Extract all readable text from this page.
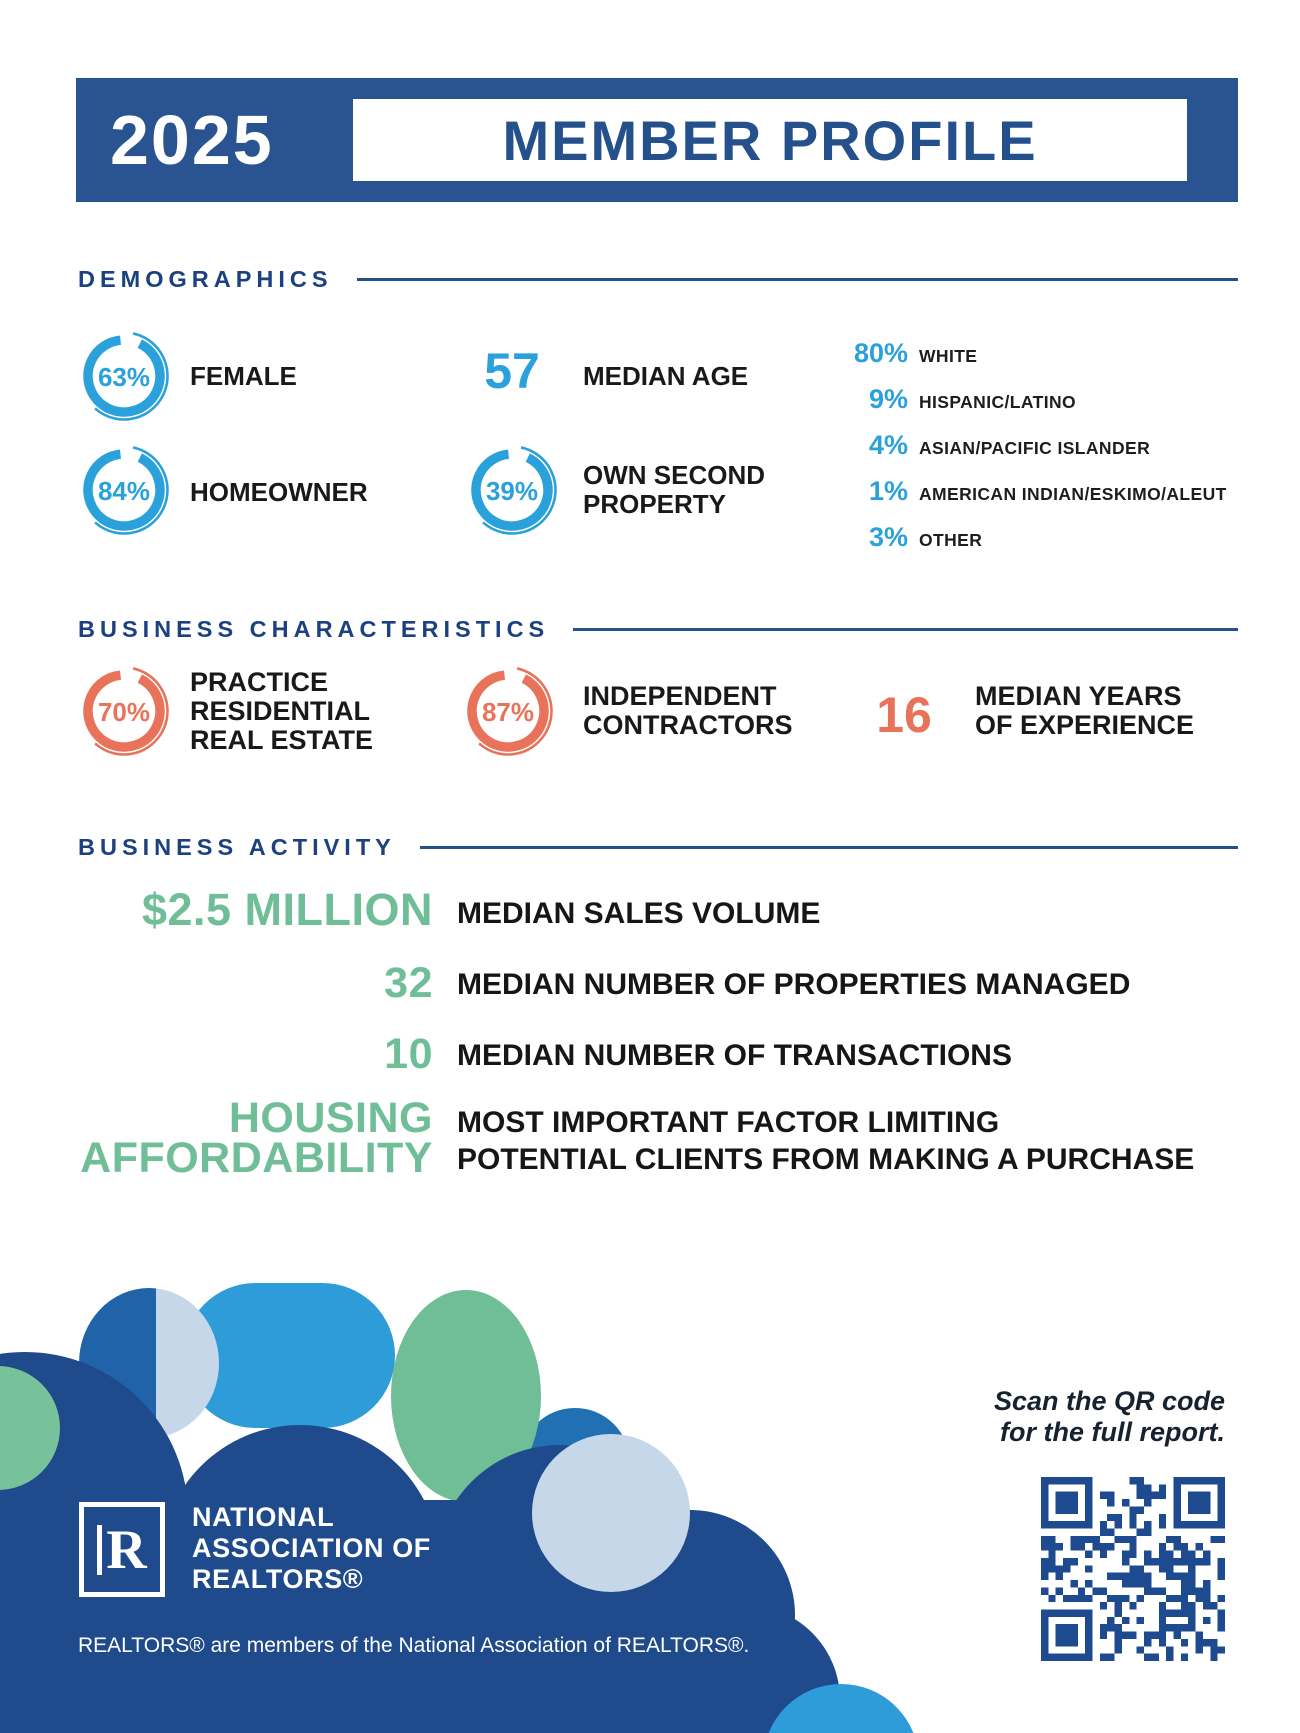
2025	MEMBER PROFILE
DEMOGRAPHICS
63% FEMALE	57	MEDIAN AGE
84% HOMEOWNER	39%
OWN SECOND PROPERTY
80% WHITE
9% HISPANIC/LATINO
4% ASIAN/PACIFIC ISLANDER
1% AMERICAN INDIAN/ESKIMO/ALEUT
3% OTHER
BUSINESS CHARACTERISTICS
70%
PRACTICE RESIDENTIAL REAL ESTATE
87%
INDEPENDENT CONTRACTORS	16	MEDIAN YEARS OF EXPERIENCE
BUSINESS ACTIVITY
$2.5 MILLION MEDIAN SALES VOLUME
32 MEDIAN NUMBER OF PROPERTIES MANAGED
10 MEDIAN NUMBER OF TRANSACTIONS
HOUSING
AFFORDABILITY
MOST IMPORTANT FACTOR LIMITING
POTENTIAL CLIENTS FROM MAKING A PURCHASE
R
NATIONAL
ASSOCIATION OF
REALTORS®
REALTORS® are members of the National Association of REALTORS®.
Scan the QR code
for the full report.
